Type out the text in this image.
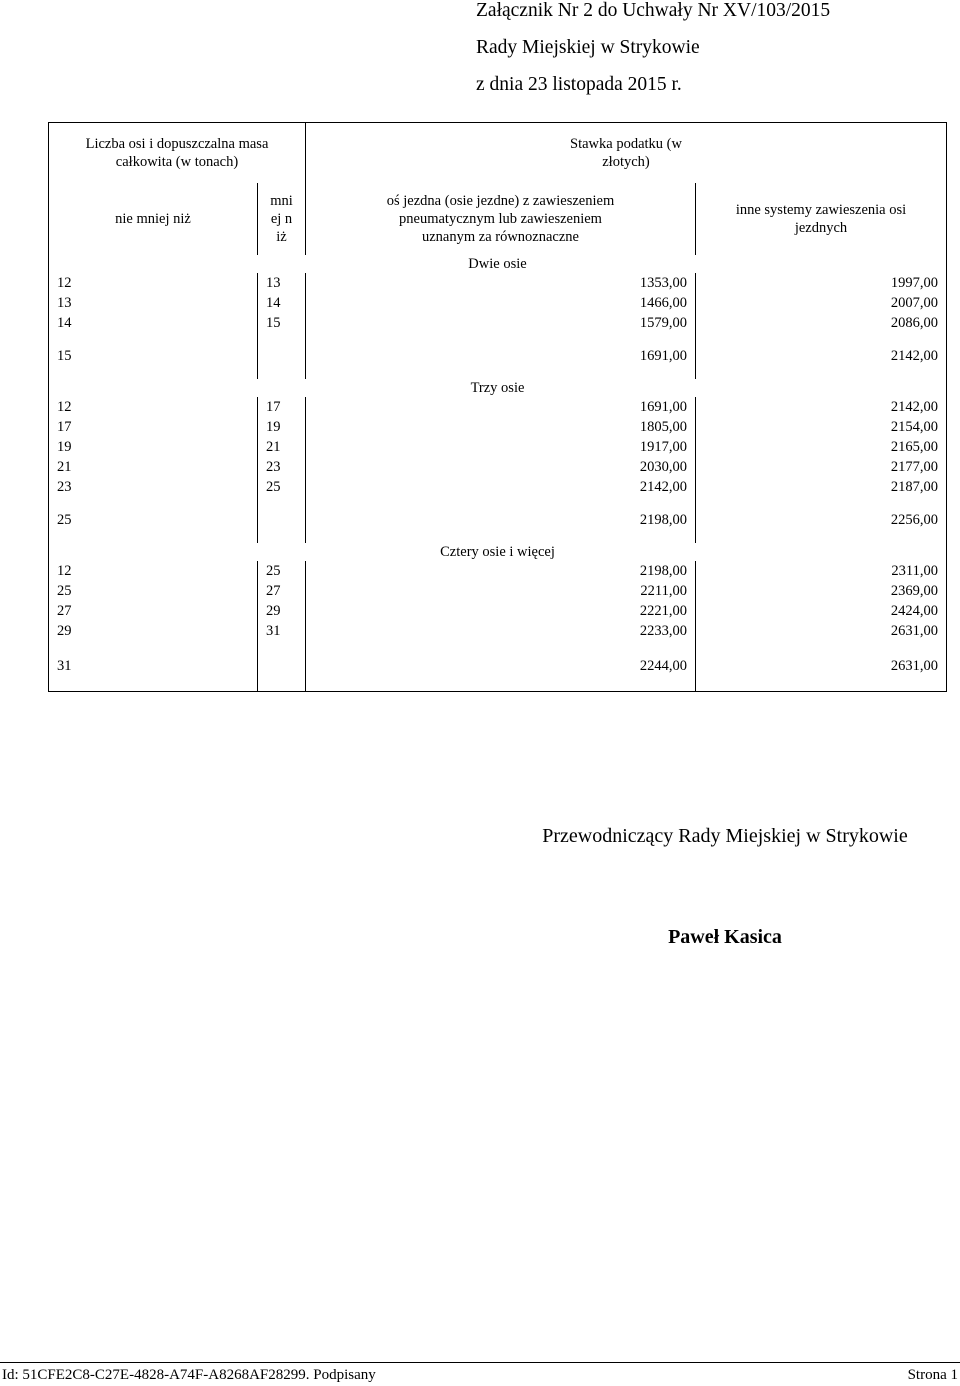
Załącznik Nr 2 do Uchwały Nr XV/103/2015
Rady Miejskiej w Strykowie
z dnia 23 listopada 2015 r.
Liczba osi i dopuszczalna masa całkowita (w tonach)		Stawka podatku (w złotych)	

nie mniej niż	mni ej niż	oś jezdna (osie jezdne) z zawieszeniem pneumatycznym lub zawieszeniem uznanym za równoznaczne	inne systemy zawieszenia osi jezdnych

Dwie osie			
12	13	1353,00	1997,00
13	14	1466,00	2007,00
14	15	1579,00	2086,00
15		1691,00	2142,00
Trzy osie			
12	17	1691,00	2142,00
17	19	1805,00	2154,00
19	21	1917,00	2165,00
21	23	2030,00	2177,00
23	25	2142,00	2187,00
25		2198,00	2256,00
Cztery osie i więcej			
12	25	2198,00	2311,00
25	27	2211,00	2369,00
27	29	2221,00	2424,00
29	31	2233,00	2631,00
31		2244,00	2631,00
Przewodniczący Rady Miejskiej w Strykowie
Paweł Kasica
Id: 51CFE2C8-C27E-4828-A74F-A8268AF28299. Podpisany	Strona 1
